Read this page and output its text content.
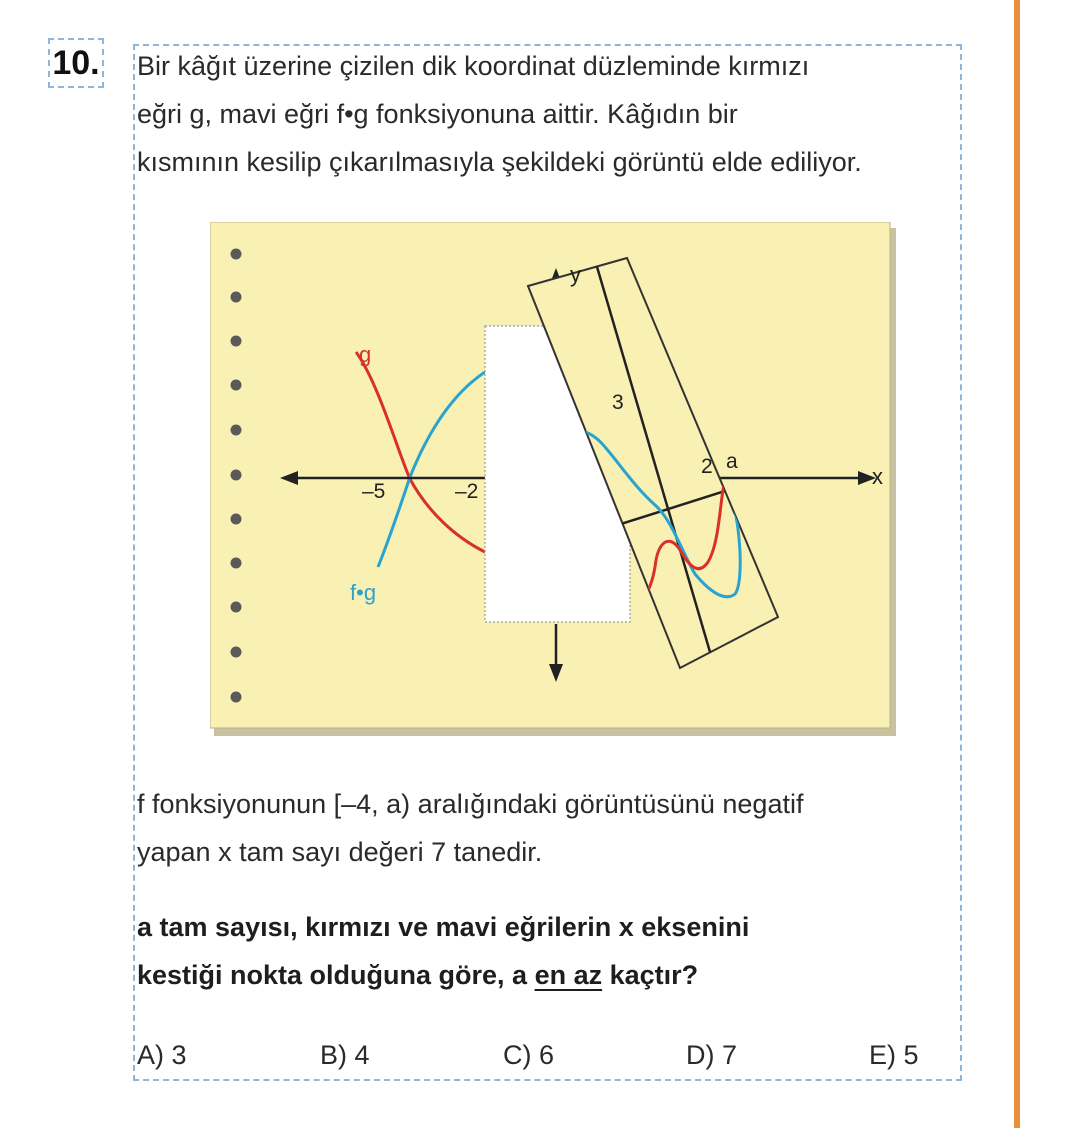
10. Bir kâğıt üzerine çizilen dik koordinat düzleminde kırmızı

eğri g, mavi eğri f•g fonksiyonuna aittir. Kâğıdın bir

kısmının kesilip çıkarılmasıyla şekildeki görüntü elde ediliyor.

g
f•g
y
x
–5	–2
3
2 a

f fonksiyonunun [–4, a) aralığındaki görüntüsünü negatif

yapan x tam sayı değeri 7 tanedir.

a tam sayısı, kırmızı ve mavi eğrilerin x eksenini

kestiği nokta olduğuna göre, a en az kaçtır?

A) 3	B) 4	C) 6	D) 7	E) 5
